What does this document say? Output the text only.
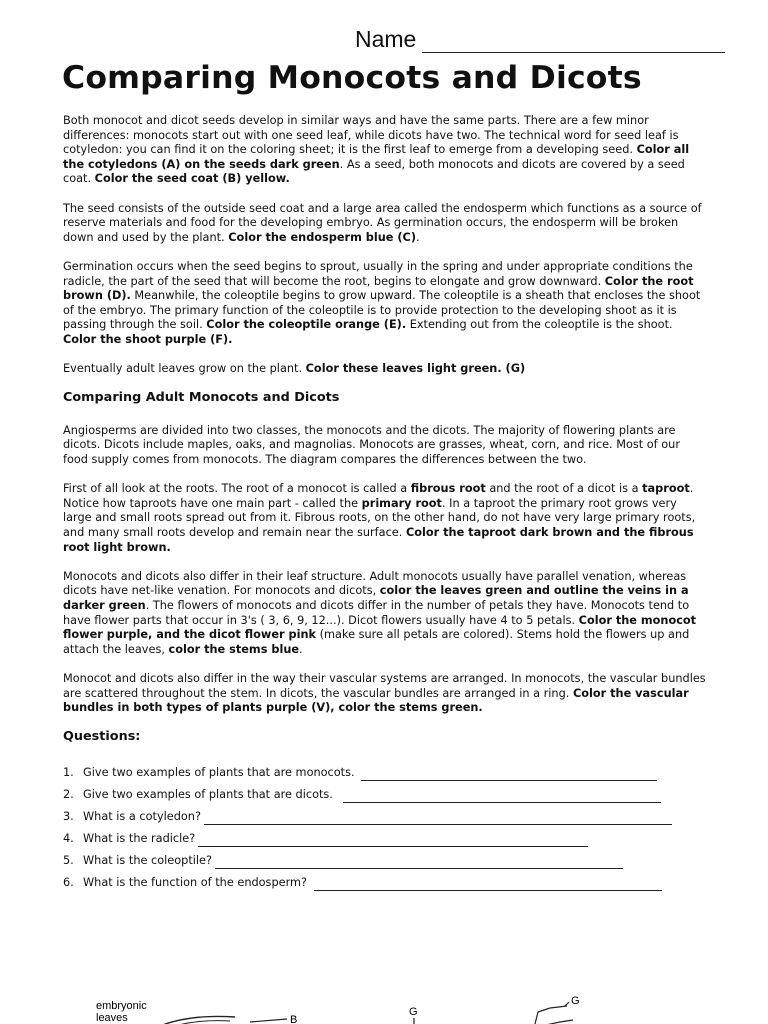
Name
Comparing Monocots and Dicots

Both monocot and dicot seeds develop in similar ways and have the same parts. There are a few minor differences: monocots start out with one seed leaf, while dicots have two. The technical word for seed leaf is cotyledon: you can find it on the coloring sheet; it is the first leaf to emerge from a developing seed. Color all the cotyledons (A) on the seeds dark green. As a seed, both monocots and dicots are covered by a seed coat. Color the seed coat (B) yellow.

The seed consists of the outside seed coat and a large area called the endosperm which functions as a source of reserve materials and food for the developing embryo. As germination occurs, the endosperm will be broken down and used by the plant. Color the endosperm blue (C).

Germination occurs when the seed begins to sprout, usually in the spring and under appropriate conditions the radicle, the part of the seed that will become the root, begins to elongate and grow downward. Color the root brown (D). Meanwhile, the coleoptile begins to grow upward. The coleoptile is a sheath that encloses the shoot of the embryo. The primary function of the coleoptile is to provide protection to the developing shoot as it is passing through the soil. Color the coleoptile orange (E). Extending out from the coleoptile is the shoot. Color the shoot purple (F).

Eventually adult leaves grow on the plant. Color these leaves light green. (G)

Comparing Adult Monocots and Dicots

Angiosperms are divided into two classes, the monocots and the dicots. The majority of flowering plants are dicots. Dicots include maples, oaks, and magnolias. Monocots are grasses, wheat, corn, and rice. Most of our food supply comes from monocots. The diagram compares the differences between the two.

First of all look at the roots. The root of a monocot is called a fibrous root and the root of a dicot is a taproot. Notice how taproots have one main part - called the primary root. In a taproot the primary root grows very large and small roots spread out from it. Fibrous roots, on the other hand, do not have very large primary roots, and many small roots develop and remain near the surface. Color the taproot dark brown and the fibrous root light brown.

Monocots and dicots also differ in their leaf structure. Adult monocots usually have parallel venation, whereas dicots have net-like venation. For monocots and dicots, color the leaves green and outline the veins in a darker green. The flowers of monocots and dicots differ in the number of petals they have. Monocots tend to have flower parts that occur in 3's ( 3, 6, 9, 12...). Dicot flowers usually have 4 to 5 petals. Color the monocot flower purple, and the dicot flower pink (make sure all petals are colored). Stems hold the flowers up and attach the leaves, color the stems blue.

Monocot and dicots also differ in the way their vascular systems are arranged. In monocots, the vascular bundles are scattered throughout the stem. In dicots, the vascular bundles are arranged in a ring. Color the vascular bundles in both types of plants purple (V), color the stems green.

Questions:
1. Give two examples of plants that are monocots.
2. Give two examples of plants that are dicots.
3. What is a cotyledon?
4. What is the radicle?
5. What is the coleoptile?
6. What is the function of the endosperm?
embryonic
leaves	B
G
G
